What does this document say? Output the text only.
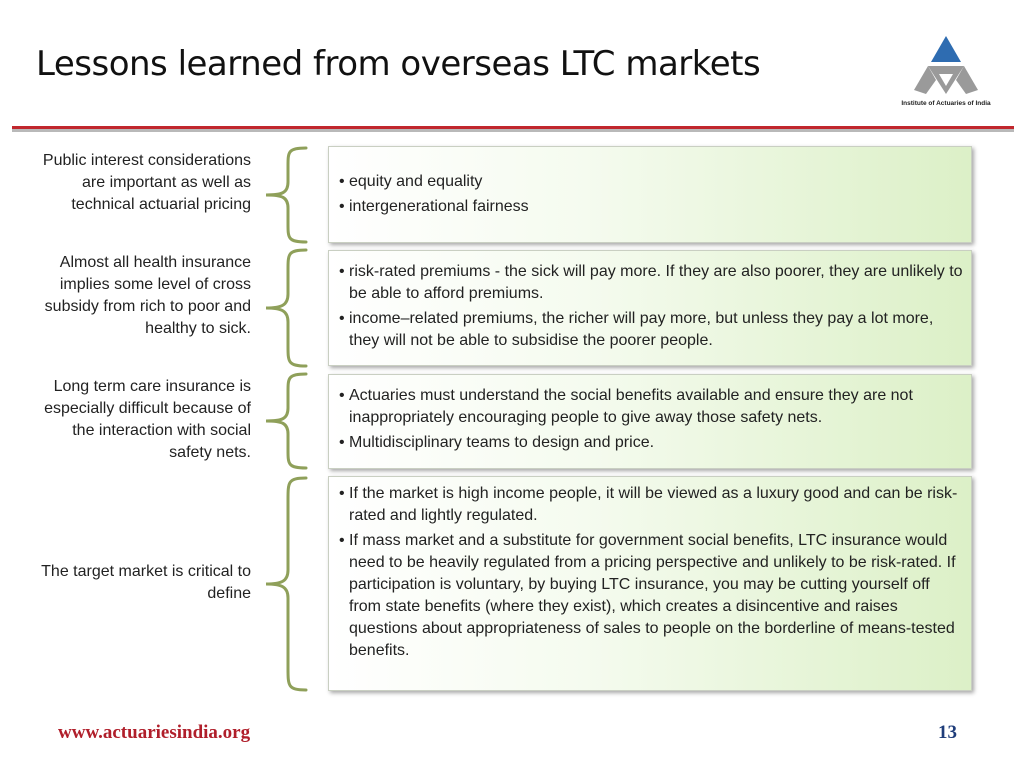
Lessons learned from overseas LTC markets
Institute of Actuaries of India
Public interest considerations are important as well as technical actuarial pricing
• equity and equality
• intergenerational fairness
Almost all health insurance implies some level of cross subsidy from rich to poor and healthy to sick.
• risk-rated premiums - the sick will pay more. If they are also poorer, they are unlikely to be able to afford premiums.
• income–related premiums, the richer will pay more, but unless they pay a lot more, they will not be able to subsidise the poorer people.
Long term care insurance is especially difficult because of the interaction with social safety nets.
• Actuaries must understand the social benefits available and ensure they are not inappropriately encouraging people to give away those safety nets.
• Multidisciplinary teams to design and price.
The target market is critical to define
• If the market is high income people, it will be viewed as a luxury good and can be risk-rated and lightly regulated.
• If mass market and a substitute for government social benefits, LTC insurance would need to be heavily regulated from a pricing perspective and unlikely to be risk-rated. If participation is voluntary, by buying LTC insurance, you may be cutting yourself off from state benefits (where they exist), which creates a disincentive and raises questions about appropriateness of sales to people on the borderline of means-tested benefits.
www.actuariesindia.org	13
